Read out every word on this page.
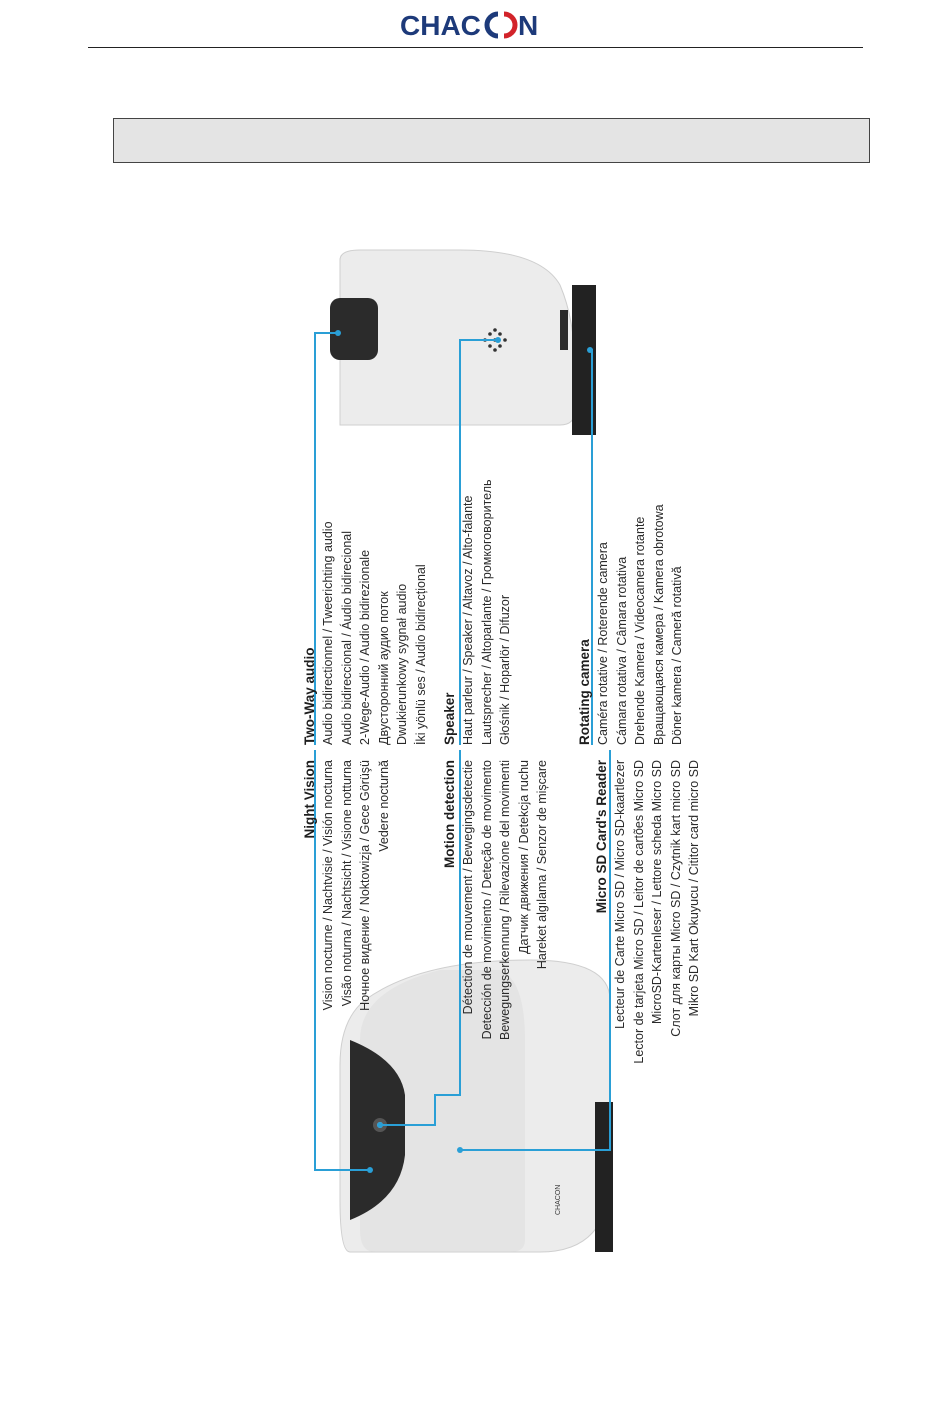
CHAC N
CHACON
Night Vision Vision nocturne / Nachtvisie / Visión nocturna Visão noturna / Nachtsicht / Visione notturna Ночное видение / Noktowizja / Gece Görüşü Vedere nocturnă	Motion detection Détection de mouvement / Bewegingsdetectie Detección de movimiento / Deteção de movimento Bewegungserkennung / Rilevazione del movimenti Датчик движения / Detekcja ruchu Hareket algılama / Senzor de mișcare	Micro SD Card's Reader Lecteur de Carte Micro SD / Micro SD-kaartlezer Lector de tarjeta Micro SD / Leitor de cartões Micro SD MicroSD-Kartenleser / Lettore scheda Micro SD Слот для карты Micro SD / Czytnik kart micro SD Mikro SD Kart Okuyucu / Cititor card micro SD
Two-Way audio Audio bidirectionnel / Tweerichting audio Audio bidireccional / Áudio bidirecional 2-Wege-Audio / Audio bidirezionale Двусторонний аудио поток Dwukierunkowy sygnał audio İki yönlü ses / Audio bidirecțional Speaker Haut parleur / Speaker / Altavoz / Alto-falante Lautsprecher / Altoparlante / Громкоговоритель Głośnik / Hoparlör / Difuzor	Rotating camera Caméra rotative / Roterende camera Cámara rotativa / Câmara rotativa Drehende Kamera / Videocamera rotante Вращающаяся камера / Kamera obrotowa Döner kamera / Cameră rotativă
